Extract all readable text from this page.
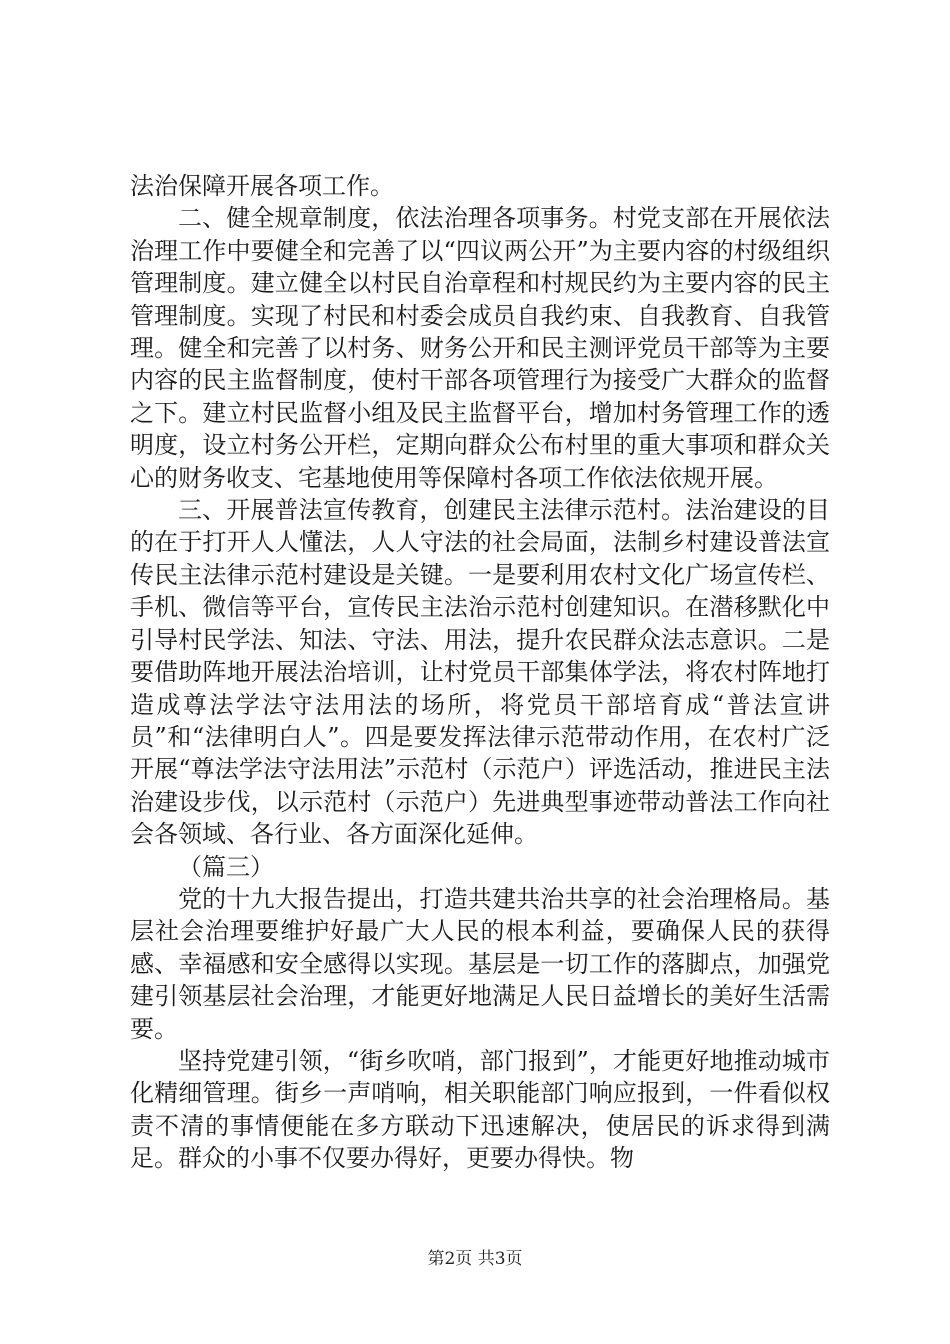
法治保障开展各项工作。

二、健全规章制度，依法治理各项事务。村党支部在开展依法治理工作中要健全和完善了以“四议两公开”为主要内容的村级组织管理制度。建立健全以村民自治章程和村规民约为主要内容的民主管理制度。实现了村民和村委会成员自我约束、自我教育、自我管理。健全和完善了以村务、财务公开和民主测评党员干部等为主要内容的民主监督制度，使村干部各项管理行为接受广大群众的监督之下。建立村民监督小组及民主监督平台，增加村务管理工作的透明度，设立村务公开栏，定期向群众公布村里的重大事项和群众关心的财务收支、宅基地使用等保障村各项工作依法依规开展。

三、开展普法宣传教育，创建民主法律示范村。法治建设的目的在于打开人人懂法，人人守法的社会局面，法制乡村建设普法宣传民主法律示范村建设是关键。一是要利用农村文化广场宣传栏、手机、微信等平台，宣传民主法治示范村创建知识。在潜移默化中引导村民学法、知法、守法、用法，提升农民群众法志意识。二是要借助阵地开展法治培训，让村党员干部集体学法，将农村阵地打造成尊法学法守法用法的场所，将党员干部培育成“普法宣讲员”和“法律明白人”。四是要发挥法律示范带动作用，在农村广泛开展“尊法学法守法用法”示范村（示范户）评选活动，推进民主法治建设步伐，以示范村（示范户）先进典型事迹带动普法工作向社会各领域、各行业、各方面深化延伸。

（篇三）

党的十九大报告提出，打造共建共治共享的社会治理格局。基层社会治理要维护好最广大人民的根本利益，要确保人民的获得感、幸福感和安全感得以实现。基层是一切工作的落脚点，加强党建引领基层社会治理，才能更好地满足人民日益增长的美好生活需要。

坚持党建引领，“街乡吹哨，部门报到”，才能更好地推动城市化精细管理。街乡一声哨响，相关职能部门响应报到，一件看似权责不清的事情便能在多方联动下迅速解决，使居民的诉求得到满足。群众的小事不仅要办得好，更要办得快。物

第2页 共3页
